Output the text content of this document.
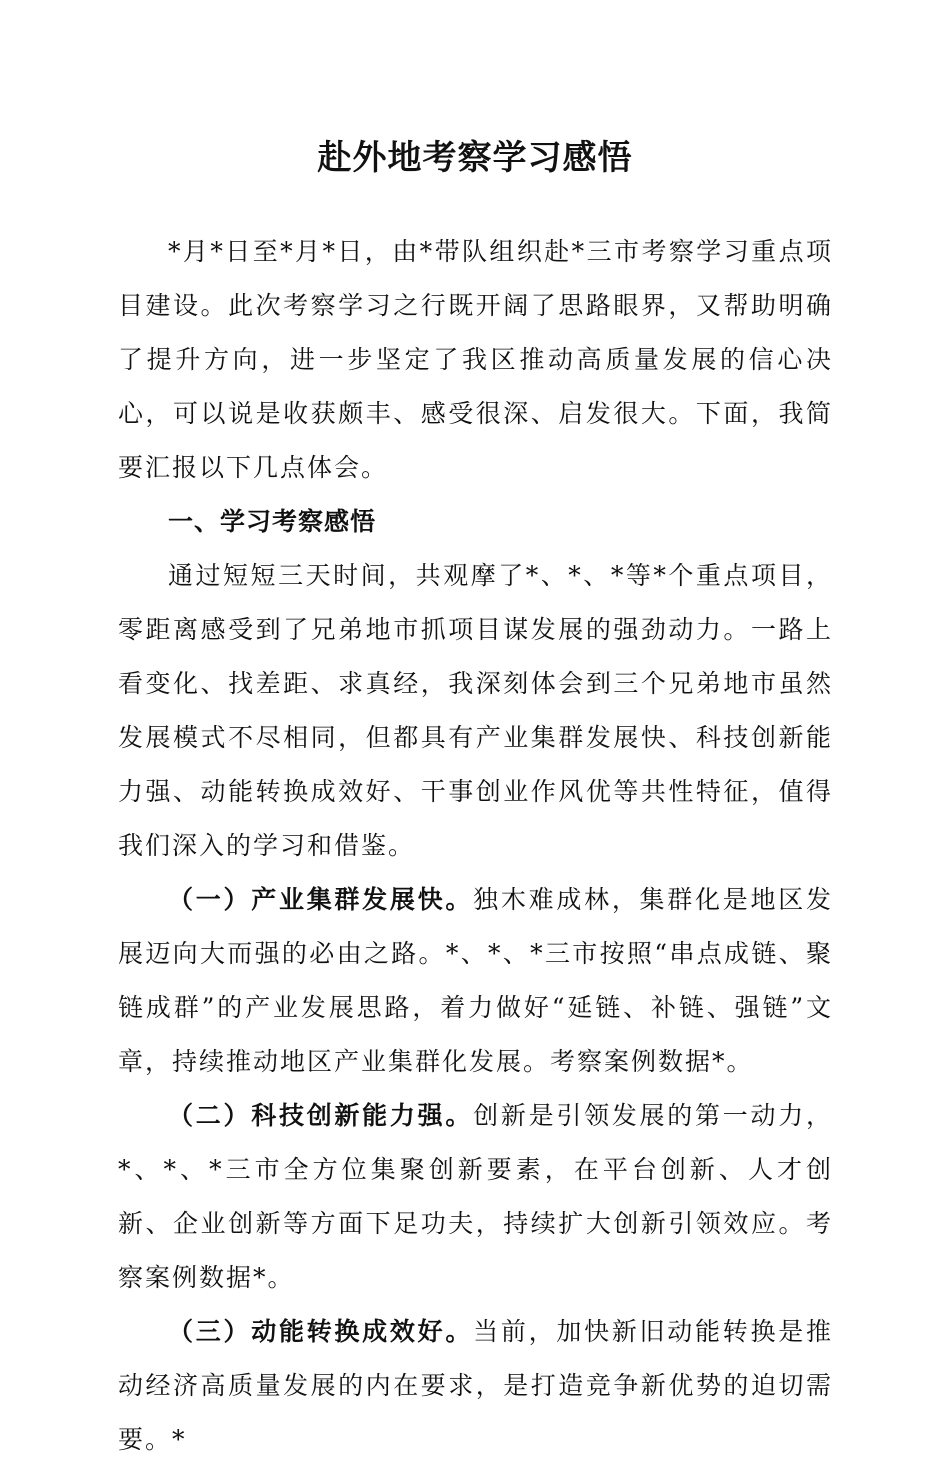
赴外地考察学习感悟

*月*日至*月*日，由*带队组织赴*三市考察学习重点项目建设。此次考察学习之行既开阔了思路眼界，又帮助明确了提升方向，进一步坚定了我区推动高质量发展的信心决心，可以说是收获颇丰、感受很深、启发很大。下面，我简要汇报以下几点体会。

一、学习考察感悟

通过短短三天时间，共观摩了*、*、*等*个重点项目，零距离感受到了兄弟地市抓项目谋发展的强劲动力。一路上看变化、找差距、求真经，我深刻体会到三个兄弟地市虽然发展模式不尽相同，但都具有产业集群发展快、科技创新能力强、动能转换成效好、干事创业作风优等共性特征，值得我们深入的学习和借鉴。

（一）产业集群发展快。独木难成林，集群化是地区发展迈向大而强的必由之路。*、*、*三市按照“串点成链、聚链成群”的产业发展思路，着力做好“延链、补链、强链”文章，持续推动地区产业集群化发展。考察案例数据*。

（二）科技创新能力强。创新是引领发展的第一动力，*、*、*三市全方位集聚创新要素，在平台创新、人才创新、企业创新等方面下足功夫，持续扩大创新引领效应。考察案例数据*。

（三）动能转换成效好。当前，加快新旧动能转换是推动经济高质量发展的内在要求，是打造竞争新优势的迫切需要。*
